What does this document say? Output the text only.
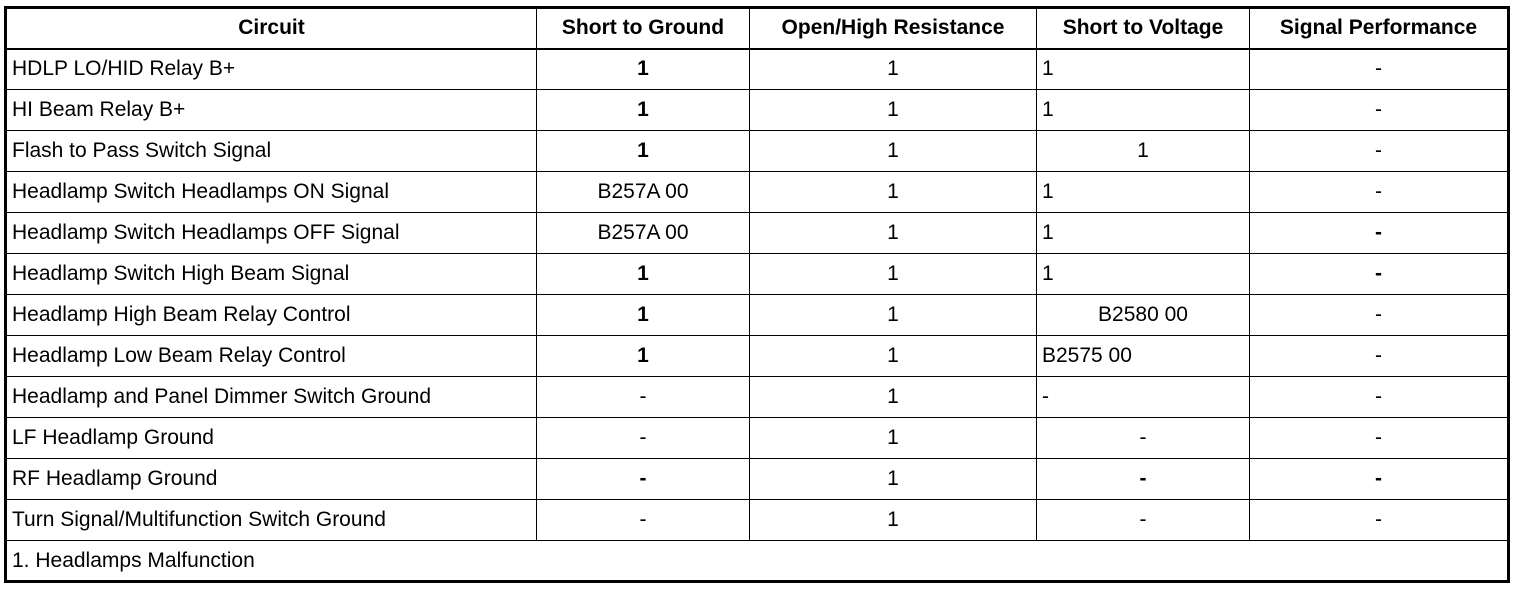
Circuit	Short to Ground	Open/High Resistance	Short to Voltage	Signal Performance
HDLP LO/HID Relay B+	1	1	1	-
HI Beam Relay B+	1	1	1	-
Flash to Pass Switch Signal	1	1	1	-
Headlamp Switch Headlamps ON Signal	B257A 00	1	1	-
Headlamp Switch Headlamps OFF Signal	B257A 00	1	1	-
Headlamp Switch High Beam Signal	1	1	1	-
Headlamp High Beam Relay Control	1	1	B2580 00	-
Headlamp Low Beam Relay Control	1	1	B2575 00	-
Headlamp and Panel Dimmer Switch Ground	-	1	-	-
LF Headlamp Ground	-	1	-	-
RF Headlamp Ground	-	1	-	-
Turn Signal/Multifunction Switch Ground	-	1	-	-
1. Headlamps Malfunction				
